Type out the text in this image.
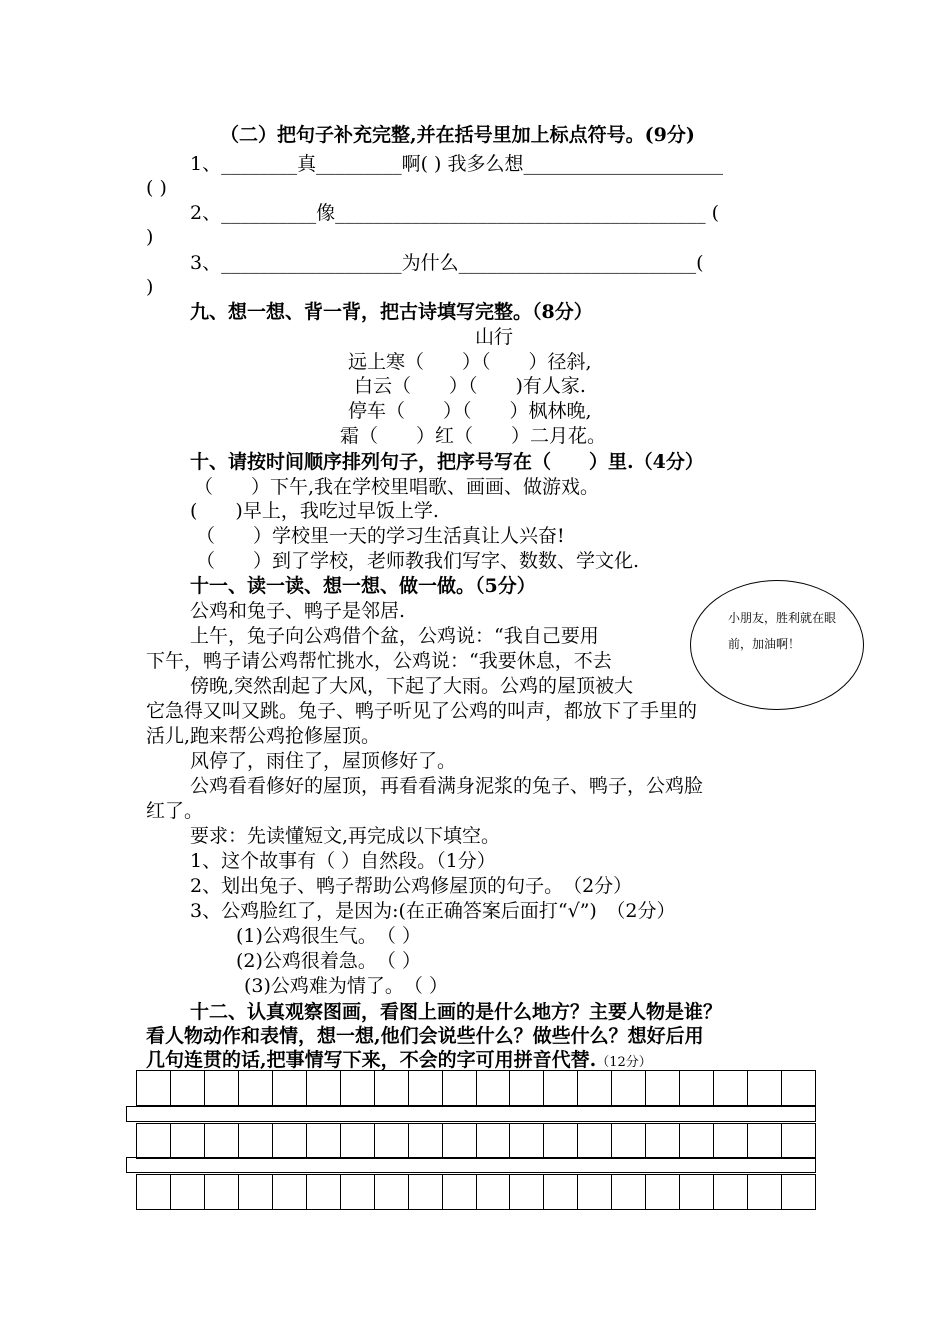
（二）把句子补充完整,并在括号里加上标点符号。(9分)
1、________真_________啊( ) 我多么想_____________________
( )
2、__________像_______________________________________ (
)
3、___________________为什么_________________________(
)
九、想一想、背一背，把古诗填写完整。（8分）
山行
远上寒（　　）（　　）径斜,
白云（　　）（　　)有人家.
停车（　　）（　　）枫林晚,
霜（　　）红（　　）二月花。
十、请按时间顺序排列句子，把序号写在（　　）里.（4分）
（　　）下午,我在学校里唱歌、画画、做游戏。
(　　)早上，我吃过早饭上学.
（　　）学校里一天的学习生活真让人兴奋!
（　　）到了学校，老师教我们写字、数数、学文化.
十一、读一读、想一想、做一做。（5分）
公鸡和兔子、鸭子是邻居.
上午，兔子向公鸡借个盆，公鸡说：“我自己要用
下午，鸭子请公鸡帮忙挑水，公鸡说：“我要休息，不去
傍晚,突然刮起了大风，下起了大雨。公鸡的屋顶被大
它急得又叫又跳。兔子、鸭子听见了公鸡的叫声，都放下了手里的
活儿,跑来帮公鸡抢修屋顶。
风停了，雨住了，屋顶修好了。
公鸡看看修好的屋顶，再看看满身泥浆的兔子、鸭子，公鸡脸
红了。
要求：先读懂短文,再完成以下填空。
1、这个故事有（ ）自然段。（1分）
2、划出兔子、鸭子帮助公鸡修屋顶的句子。　（2分）
3、公鸡脸红了，是因为:(在正确答案后面打“√”)　（2分）
(1)公鸡很生气。　（ ）
(2)公鸡很着急。　（ ）
(3)公鸡难为情了。　（ ）
小朋友，胜利就在眼前，加油啊！
十二、认真观察图画，看图上画的是什么地方？主要人物是谁？
看人物动作和表情，想一想,他们会说些什么？做些什么？想好后用
几句连贯的话,把事情写下来，不会的字可用拼音代替.（12分）
